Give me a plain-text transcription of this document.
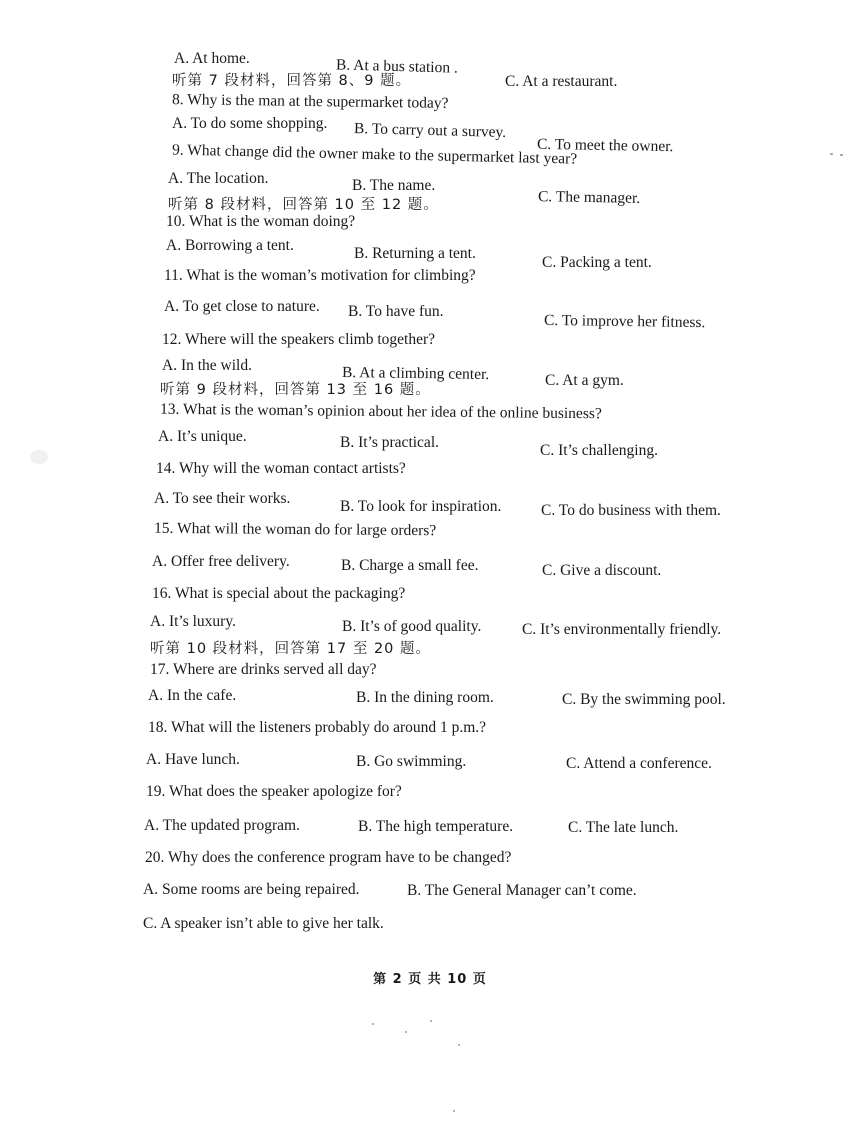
A. At home.	B. At a bus station .
C. At a restaurant.
听第 7 段材料，回答第 8、9 题。
8. Why is the man at the supermarket today?
A. To do some shopping. B. To carry out a survey.
C. To meet the owner.
9. What change did the owner make to the supermarket last year?
A. The location.	B. The name.
C. The manager.
听第 8 段材料，回答第 10 至 12 题。
10. What is the woman doing?
A. Borrowing a tent.	B. Returning a tent.
C. Packing a tent.
11. What is the woman’s motivation for climbing?
A. To get close to nature. B. To have fun.
C. To improve her fitness.
12. Where will the speakers climb together?
A. In the wild.	B. At a climbing center.	C. At a gym.
听第 9 段材料，回答第 13 至 16 题。
13. What is the woman’s opinion about her idea of the online business?
A. It’s unique.	B. It’s practical.	C. It’s challenging.
14. Why will the woman contact artists?
A. To see their works.	B. To look for inspiration.	C. To do business with them.
15. What will the woman do for large orders?
A. Offer free delivery.	B. Charge a small fee.	C. Give a discount.
16. What is special about the packaging?
A. It’s luxury.	B. It’s of good quality.	C. It’s environmentally friendly.
听第 10 段材料，回答第 17 至 20 题。
17. Where are drinks served all day?
A. In the cafe.	B. In the dining room.	C. By the swimming pool.
18. What will the listeners probably do around 1 p.m.?
A. Have lunch.	B. Go swimming.	C. Attend a conference.
19. What does the speaker apologize for?
A. The updated program.	B. The high temperature.	C. The late lunch.
20. Why does the conference program have to be changed?
A. Some rooms are being repaired.	B. The General Manager can’t come.
C. A speaker isn’t able to give her talk.
第 2 页 共 10 页
